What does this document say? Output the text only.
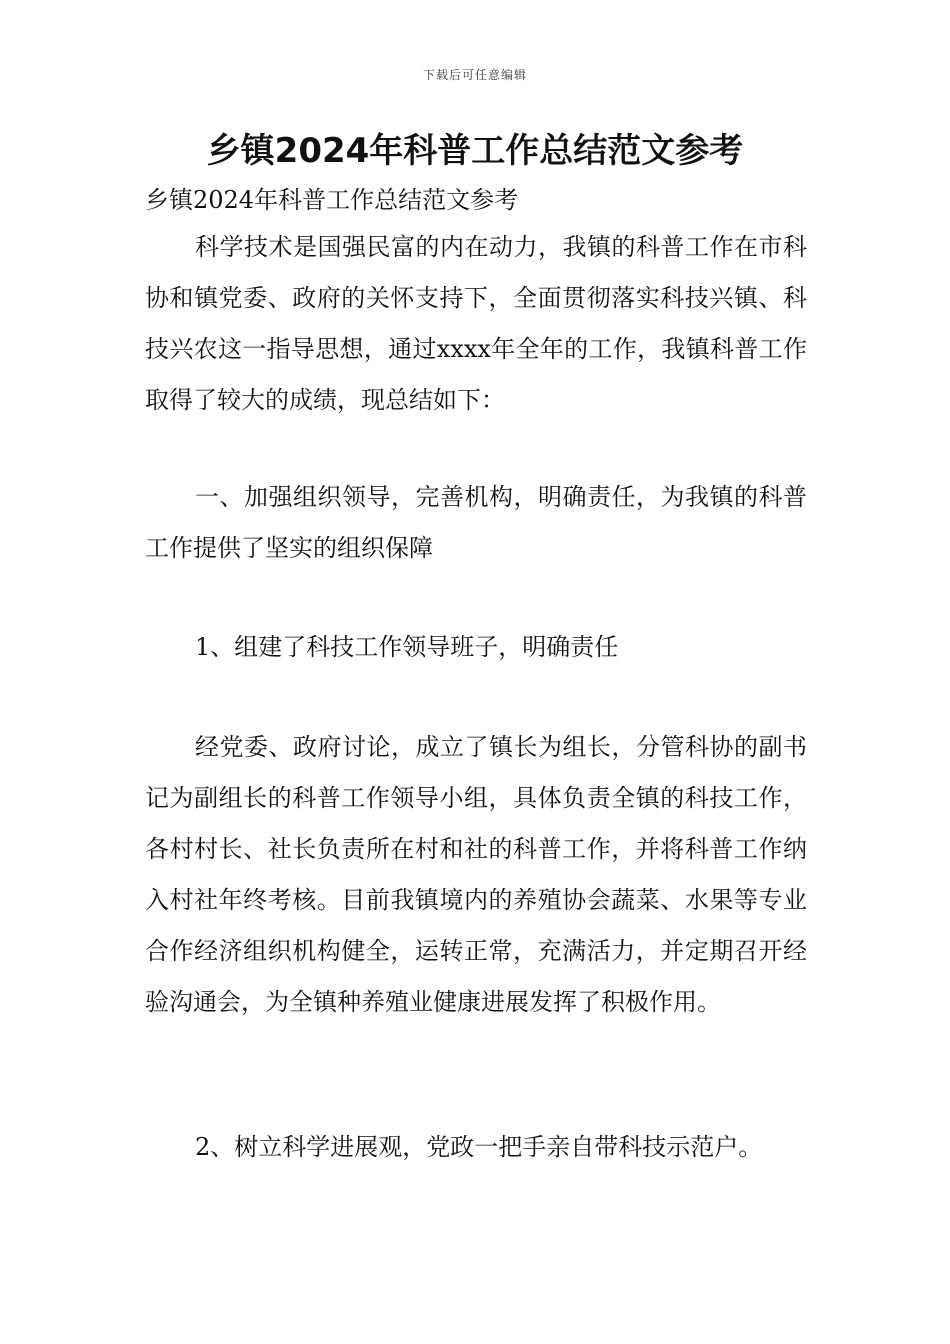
下载后可任意编辑
乡镇2024年科普工作总结范文参考

乡镇2024年科普工作总结范文参考

科学技术是国强民富的内在动力，我镇的科普工作在市科协和镇党委、政府的关怀支持下，全面贯彻落实科技兴镇、科技兴农这一指导思想，通过xxxx年全年的工作，我镇科普工作取得了较大的成绩，现总结如下：

一、加强组织领导，完善机构，明确责任，为我镇的科普工作提供了坚实的组织保障

1、组建了科技工作领导班子，明确责任

经党委、政府讨论，成立了镇长为组长，分管科协的副书记为副组长的科普工作领导小组，具体负责全镇的科技工作，各村村长、社长负责所在村和社的科普工作，并将科普工作纳入村社年终考核。目前我镇境内的养殖协会蔬菜、水果等专业合作经济组织机构健全，运转正常，充满活力，并定期召开经验沟通会，为全镇种养殖业健康进展发挥了积极作用。

2、树立科学进展观，党政一把手亲自带科技示范户。
